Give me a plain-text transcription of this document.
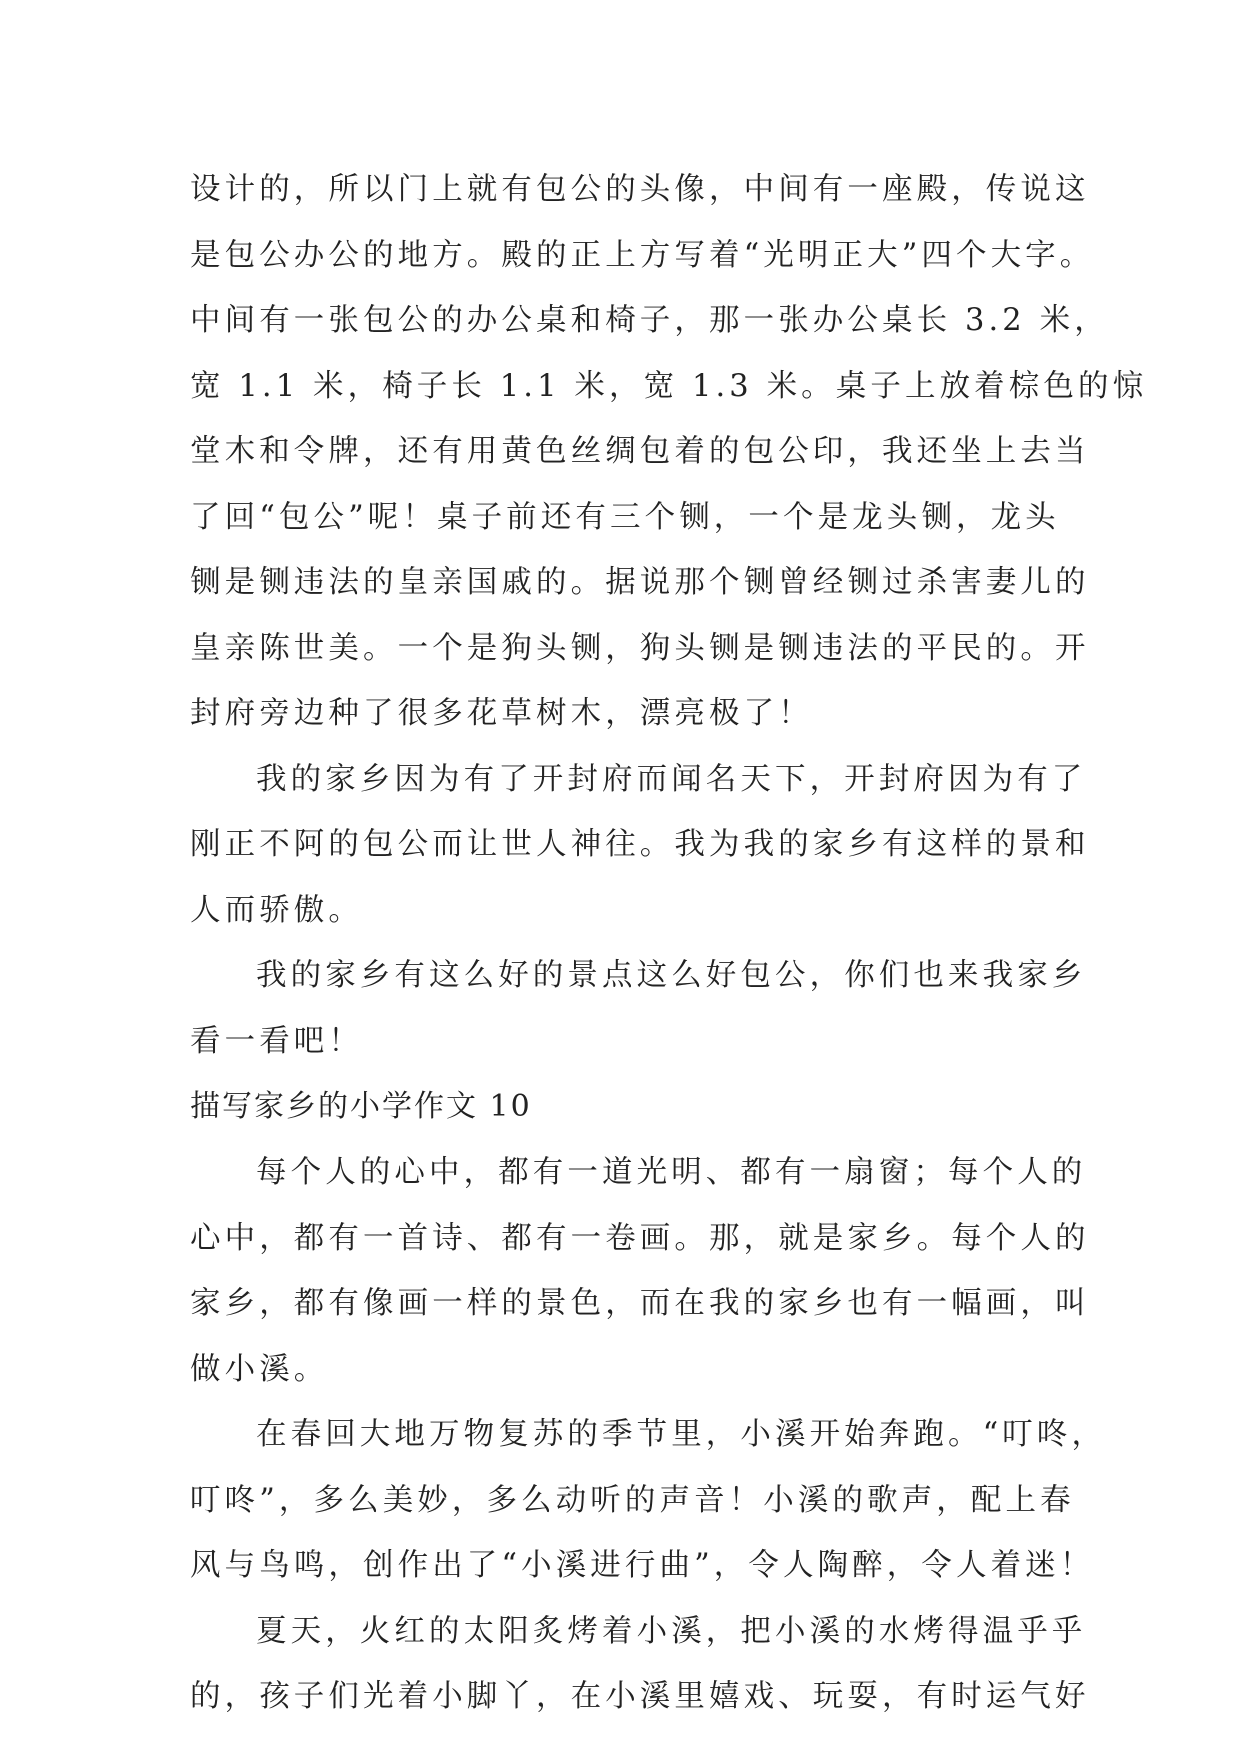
设计的，所以门上就有包公的头像，中间有一座殿，传说这
是包公办公的地方。殿的正上方写着“光明正大”四个大字。
中间有一张包公的办公桌和椅子，那一张办公桌长 3.2 米，
宽 1.1 米，椅子长 1.1 米，宽 1.3 米。桌子上放着棕色的惊
堂木和令牌，还有用黄色丝绸包着的包公印，我还坐上去当
了回“包公”呢！桌子前还有三个铡，一个是龙头铡，龙头
铡是铡违法的皇亲国戚的。据说那个铡曾经铡过杀害妻儿的
皇亲陈世美。一个是狗头铡，狗头铡是铡违法的平民的。开
封府旁边种了很多花草树木，漂亮极了！
我的家乡因为有了开封府而闻名天下，开封府因为有了
刚正不阿的包公而让世人神往。我为我的家乡有这样的景和
人而骄傲。
我的家乡有这么好的景点这么好包公，你们也来我家乡
看一看吧！
描写家乡的小学作文 10
每个人的心中，都有一道光明、都有一扇窗；每个人的
心中，都有一首诗、都有一卷画。那，就是家乡。每个人的
家乡，都有像画一样的景色，而在我的家乡也有一幅画，叫
做小溪。
在春回大地万物复苏的季节里，小溪开始奔跑。“叮咚，
叮咚”，多么美妙，多么动听的声音！小溪的歌声，配上春
风与鸟鸣，创作出了“小溪进行曲”，令人陶醉，令人着迷！
夏天，火红的太阳炙烤着小溪，把小溪的水烤得温乎乎
的，孩子们光着小脚丫，在小溪里嬉戏、玩耍，有时运气好
